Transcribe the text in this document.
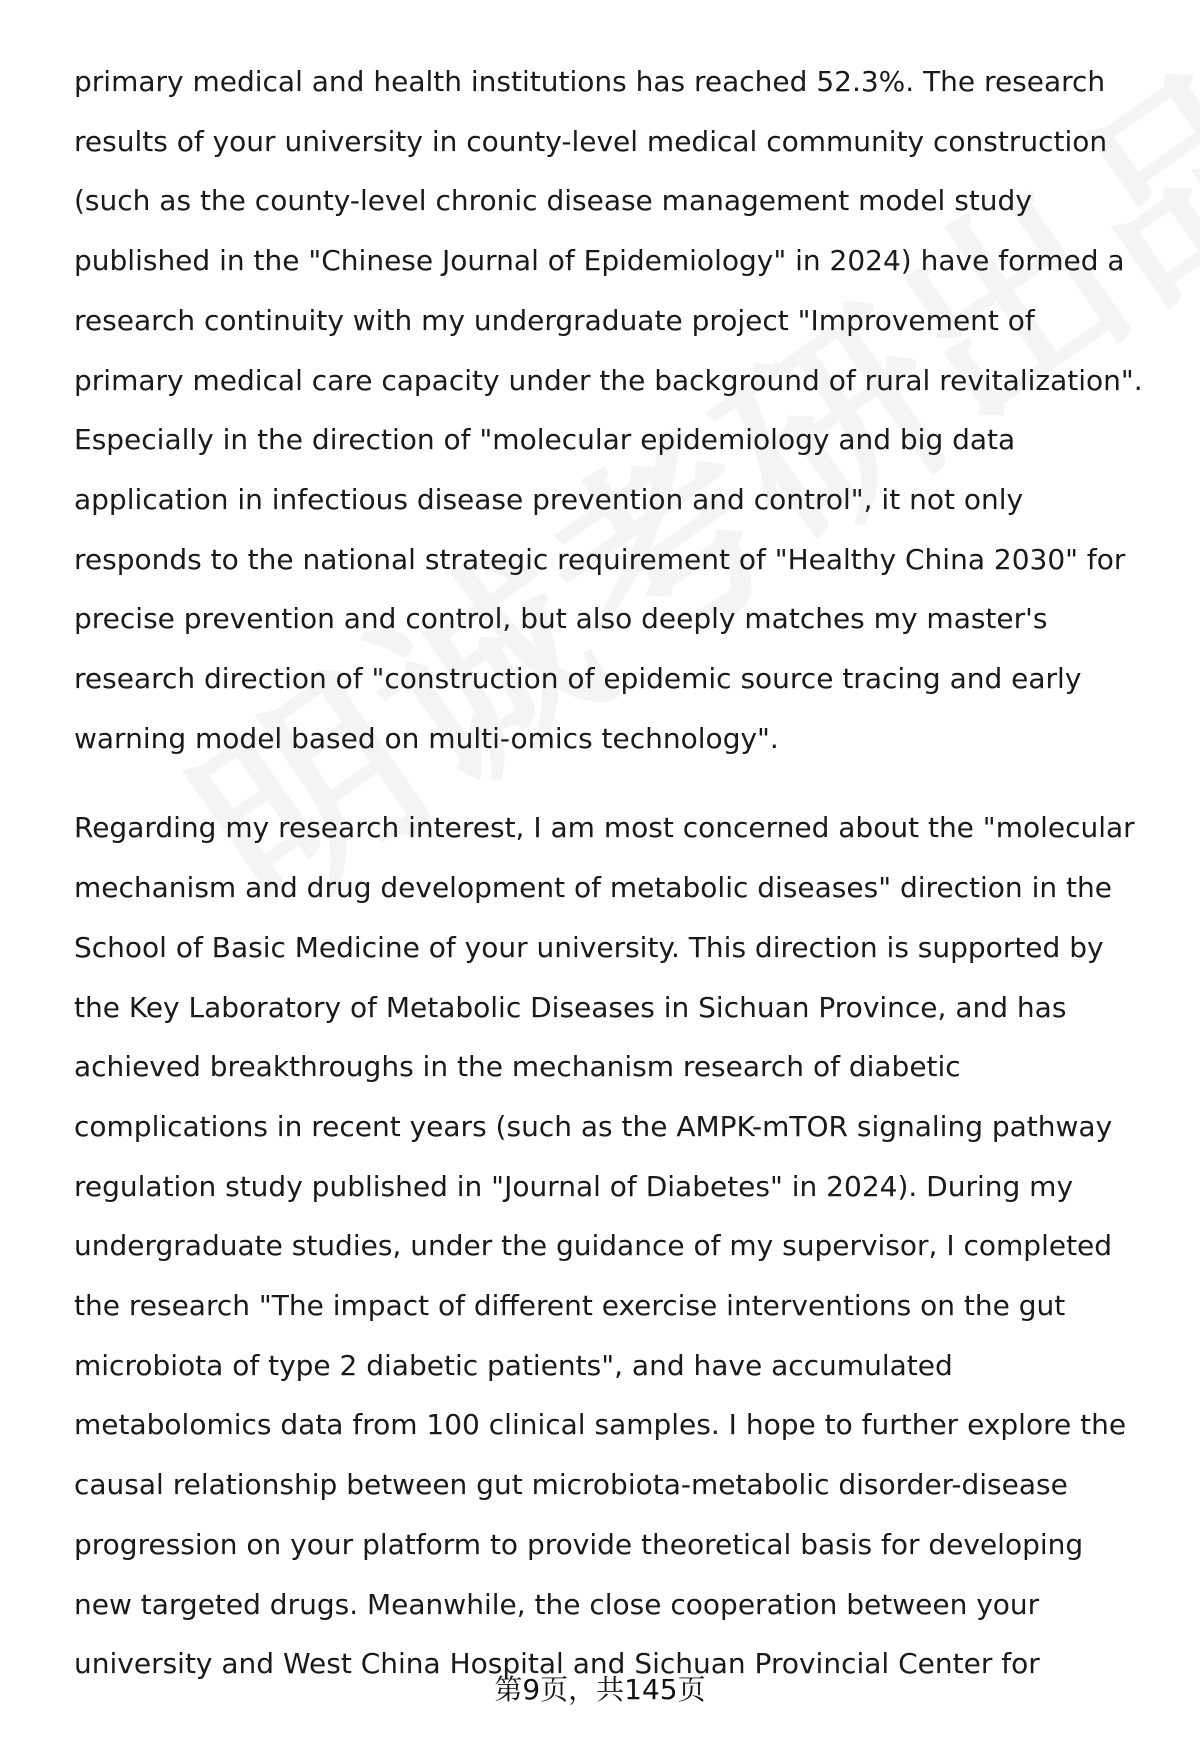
primary medical and health institutions has reached 52.3%. The research
results of your university in county-level medical community construction
(such as the county-level chronic disease management model study
published in the "Chinese Journal of Epidemiology" in 2024) have formed a
research continuity with my undergraduate project "Improvement of
primary medical care capacity under the background of rural revitalization".
Especially in the direction of "molecular epidemiology and big data
application in infectious disease prevention and control", it not only
responds to the national strategic requirement of "Healthy China 2030" for
precise prevention and control, but also deeply matches my master's
research direction of "construction of epidemic source tracing and early
warning model based on multi-omics technology".

Regarding my research interest, I am most concerned about the "molecular
mechanism and drug development of metabolic diseases" direction in the
School of Basic Medicine of your university. This direction is supported by
the Key Laboratory of Metabolic Diseases in Sichuan Province, and has
achieved breakthroughs in the mechanism research of diabetic
complications in recent years (such as the AMPK-mTOR signaling pathway
regulation study published in "Journal of Diabetes" in 2024). During my
undergraduate studies, under the guidance of my supervisor, I completed
the research "The impact of different exercise interventions on the gut
microbiota of type 2 diabetic patients", and have accumulated
metabolomics data from 100 clinical samples. I hope to further explore the
causal relationship between gut microbiota-metabolic disorder-disease
progression on your platform to provide theoretical basis for developing
new targeted drugs. Meanwhile, the close cooperation between your
university and West China Hospital and Sichuan Provincial Center for

第9页，共145页
